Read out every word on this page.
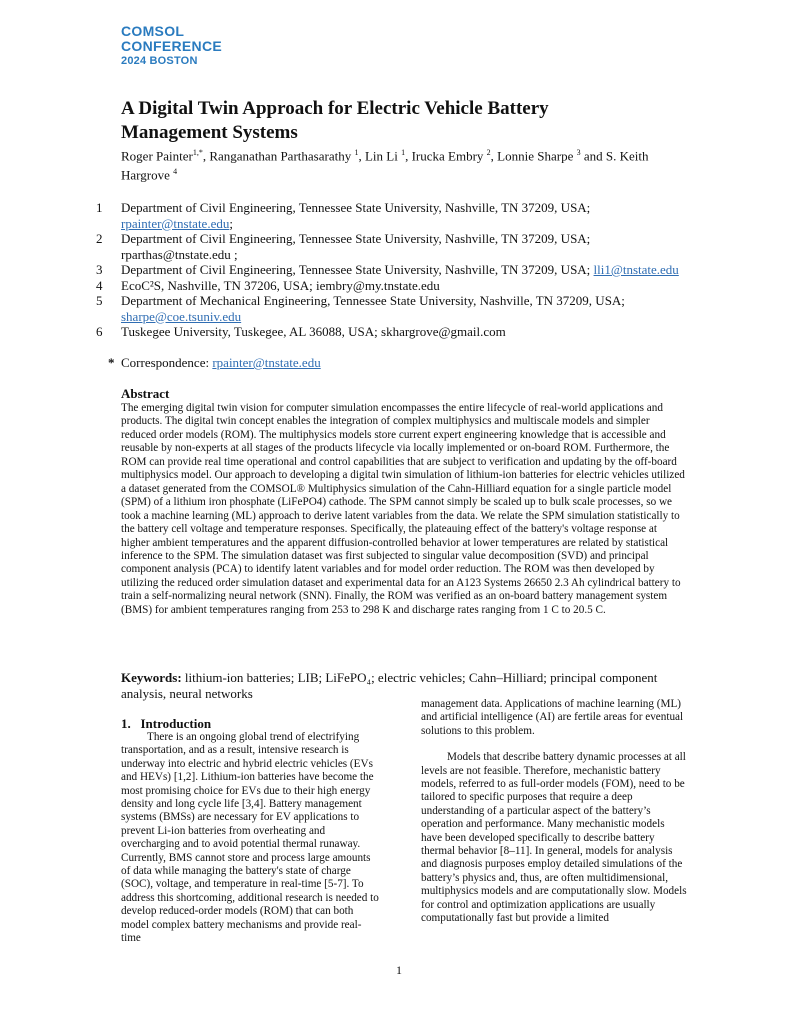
COMSOL
CONFERENCE
2024 BOSTON
A Digital Twin Approach for Electric Vehicle Battery Management Systems
Roger Painter$^{1,*}$, Ranganathan Parthasarathy $^1$, Lin Li $^1$, Irucka Embry $^2$, Lonnie Sharpe $^3$ and S. Keith Hargrove $^4$
1	Department of Civil Engineering, Tennessee State University, Nashville, TN 37209, USA; rpainter@tnstate.edu;
2	Department of Civil Engineering, Tennessee State University, Nashville, TN 37209, USA; rparthas@tnstate.edu ;
3	Department of Civil Engineering, Tennessee State University, Nashville, TN 37209, USA; lli1@tnstate.edu
4	EcoC²S, Nashville, TN 37206, USA; iembry@my.tnstate.edu
5	Department of Mechanical Engineering, Tennessee State University, Nashville, TN 37209, USA; sharpe@coe.tsuniv.edu
6	Tuskegee University, Tuskegee, AL 36088, USA; skhargrove@gmail.com
* Correspondence: rpainter@tnstate.edu
Abstract

The emerging digital twin vision for computer simulation encompasses the entire lifecycle of real-world applications and products. The digital twin concept enables the integration of complex multiphysics and multiscale models and simpler reduced order models (ROM). The multiphysics models store current expert engineering knowledge that is accessible and reusable by non-experts at all stages of the products lifecycle via locally implemented or on-board ROM. Furthermore, the ROM can provide real time operational and control capabilities that are subject to verification and updating by the off-board multiphysics model. Our approach to developing a digital twin simulation of lithium-ion batteries for electric vehicles utilized a dataset generated from the COMSOL® Multiphysics simulation of the Cahn-Hilliard equation for a single particle model (SPM) of a lithium iron phosphate (LiFePO4) cathode. The SPM cannot simply be scaled up to bulk scale processes, so we took a machine learning (ML) approach to derive latent variables from the data. We relate the SPM simulation statistically to the battery cell voltage and temperature responses. Specifically, the plateauing effect of the battery's voltage response at higher ambient temperatures and the apparent diffusion-controlled behavior at lower temperatures are related by statistical inference to the SPM. The simulation dataset was first subjected to singular value decomposition (SVD) and principal component analysis (PCA) to identify latent variables and for model order reduction. The ROM was then developed by utilizing the reduced order simulation dataset and experimental data for an A123 Systems 26650 2.3 Ah cylindrical battery to train a self-normalizing neural network (SNN). Finally, the ROM was verified as an on-board battery management system (BMS) for ambient temperatures ranging from 253 to 298 K and discharge rates ranging from 1 C to 20.5 C.

Keywords: lithium-ion batteries; LIB; LiFePO₄; electric vehicles; Cahn–Hilliard; principal component analysis, neural networks
1.   Introduction

There is an ongoing global trend of electrifying transportation, and as a result, intensive research is underway into electric and hybrid electric vehicles (EVs and HEVs) [1,2]. Lithium-ion batteries have become the most promising choice for EVs due to their high energy density and long cycle life [3,4]. Battery management systems (BMSs) are necessary for EV applications to prevent Li-ion batteries from overheating and overcharging and to avoid potential thermal runaway. Currently, BMS cannot store and process large amounts of data while managing the battery's state of charge (SOC), voltage, and temperature in real-time [5-7]. To address this shortcoming, additional research is needed to develop reduced-order models (ROM) that can both model complex battery mechanisms and provide real-time

management data. Applications of machine learning (ML) and artificial intelligence (AI) are fertile areas for eventual solutions to this problem.

Models that describe battery dynamic processes at all levels are not feasible. Therefore, mechanistic battery models, referred to as full-order models (FOM), need to be tailored to specific purposes that require a deep understanding of a particular aspect of the battery’s operation and performance. Many mechanistic models have been developed specifically to describe battery thermal behavior [8–11]. In general, models for analysis and diagnosis purposes employ detailed simulations of the battery’s physics and, thus, are often multidimensional, multiphysics models and are computationally slow. Models for control and optimization applications are usually computationally fast but provide a limited

1
